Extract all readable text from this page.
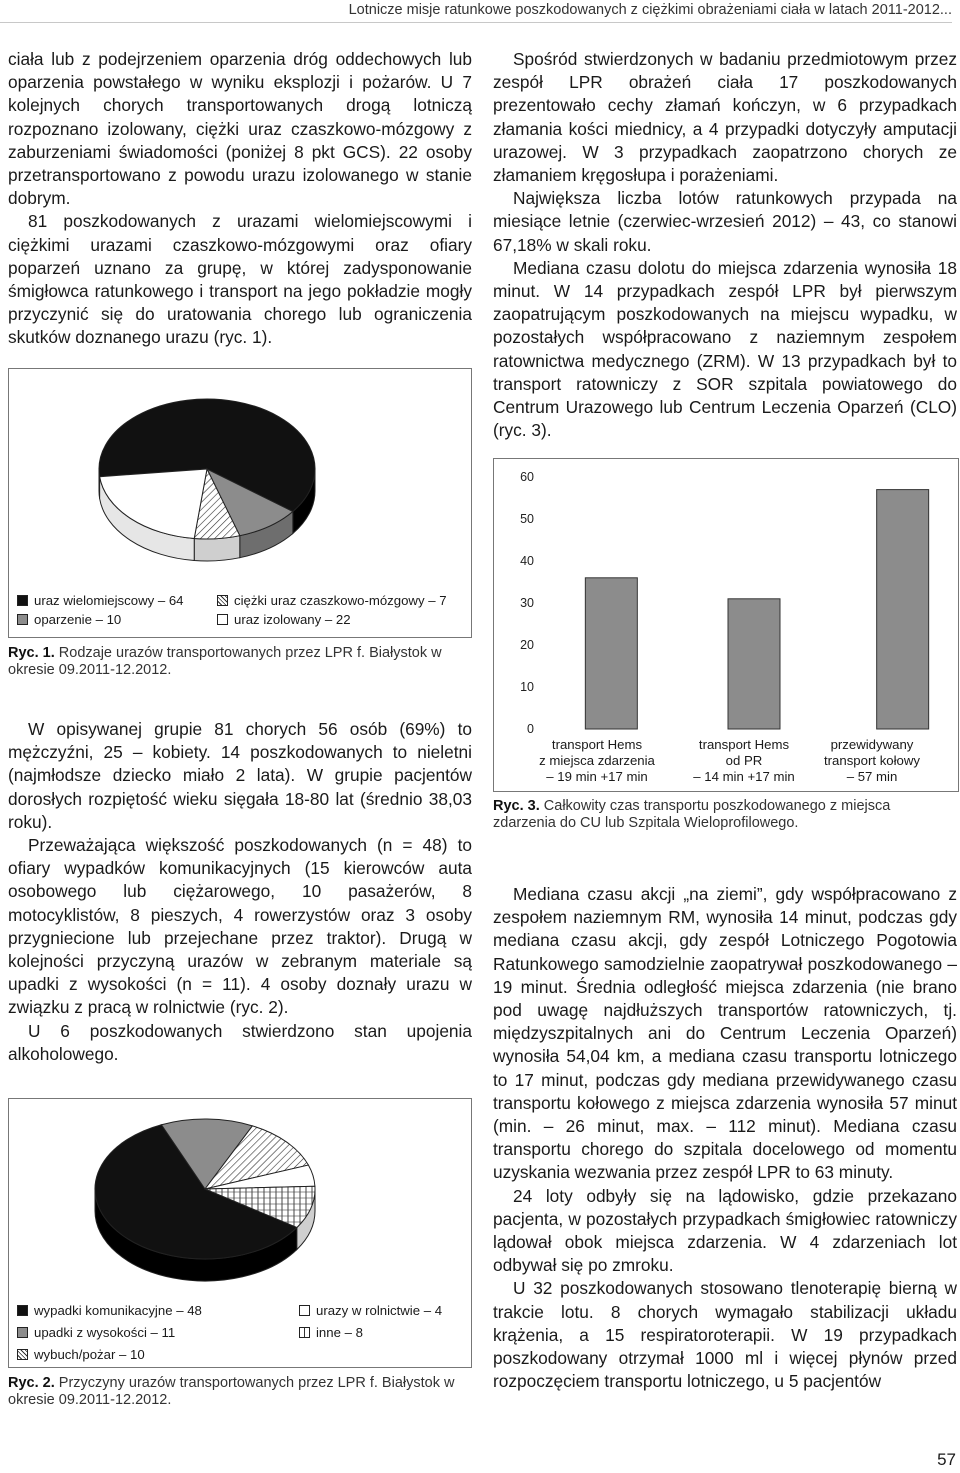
Lotnicze misje ratunkowe poszkodowanych z ciężkimi obrażeniami ciała w latach 2011-2012...

ciała lub z podejrzeniem oparzenia dróg oddechowych lub oparzenia powstałego w wyniku eksplozji i pożarów. U 7 kolejnych chorych transportowanych drogą lotniczą rozpoznano izolowany, ciężki uraz czaszkowo-mózgowy z zaburzeniami świadomości (poniżej 8 pkt GCS). 22 osoby przetransportowano z powodu urazu izolowanego w stanie dobrym.

81 poszkodowanych z urazami wielomiejscowymi i ciężkimi urazami czaszkowo-mózgowymi oraz ofiary poparzeń uznano za grupę, w której zadysponowanie śmigłowca ratunkowego i transport na jego pokładzie mogły przyczynić się do uratowania chorego lub ograniczenia skutków doznanego urazu (ryc. 1).

Spośród stwierdzonych w badaniu przedmiotowym przez zespół LPR obrażeń ciała 17 poszkodowanych prezentowało cechy złamań kończyn, w 6 przypadkach złamania kości miednicy, a 4 przypadki dotyczyły amputacji urazowej. W 3 przypadkach zaopatrzono chorych ze złamaniem kręgosłupa i porażeniami.

Największa liczba lotów ratunkowych przypada na miesiące letnie (czerwiec-wrzesień 2012) – 43, co stanowi 67,18% w skali roku.

Mediana czasu dolotu do miejsca zdarzenia wynosiła 18 minut. W 14 przypadkach zespół LPR był pierwszym zaopatrującym poszkodowanych na miejscu wypadku, w pozostałych współpracowano z naziemnym zespołem ratownictwa medycznego (ZRM). W 13 przypadkach był to transport ratowniczy z SOR szpitala powiatowego do Centrum Urazowego lub Centrum Leczenia Oparzeń (CLO) (ryc. 3).

uraz wielomiejscowy – 64
oparzenie – 10
ciężki uraz czaszkowo-mózgowy – 7
uraz izolowany – 22
Ryc. 1. Rodzaje urazów transportowanych przez LPR f. Białystok w okresie 09.2011-12.2012.

W opisywanej grupie 81 chorych 56 osób (69%) to mężczyźni, 25 – kobiety. 14 poszkodowanych to nieletni (najmłodsze dziecko miało 2 lata). W grupie pacjentów dorosłych rozpiętość wieku sięgała 18-80 lat (średnio 38,03 roku).

Przeważająca większość poszkodowanych (n = 48) to ofiary wypadków komunikacyjnych (15 kierowców auta osobowego lub ciężarowego, 10 pasażerów, 8 motocyklistów, 8 pieszych, 4 rowerzystów oraz 3 osoby przygniecione lub przejechane przez traktor). Drugą w kolejności przyczyną urazów w zebranym materiale są upadki z wysokości (n = 11). 4 osoby doznały urazu w związku z pracą w rolnictwie (ryc. 2).

U 6 poszkodowanych stwierdzono stan upojenia alkoholowego.

wypadki komunikacyjne – 48
upadki z wysokości – 11
wybuch/pożar – 10
urazy w rolnictwie – 4
inne – 8
Ryc. 2. Przyczyny urazów transportowanych przez LPR f. Białystok w okresie 09.2011-12.2012.
0
10
20
30
40
50
60
transport Hems
z miejsca zdarzenia
– 19 min +17 min
transport Hems
od PR
– 14 min +17 min
przewidywany
transport kołowy
– 57 min
Ryc. 3. Całkowity czas transportu poszkodowanego z miejsca zdarzenia do CU lub Szpitala Wieloprofilowego.

Mediana czasu akcji „na ziemi”, gdy współpracowano z zespołem naziemnym RM, wynosiła 14 minut, podczas gdy mediana czasu akcji, gdy zespół Lotniczego Pogotowia Ratunkowego samodzielnie zaopatrywał poszkodowanego – 19 minut. Średnia odległość miejsca zdarzenia (nie brano pod uwagę najdłuższych transportów ratowniczych, tj. międzyszpitalnych ani do Centrum Leczenia Oparzeń) wynosiła 54,04 km, a mediana czasu transportu lotniczego to 17 minut, podczas gdy mediana przewidywanego czasu transportu kołowego z miejsca zdarzenia wynosiła 57 minut (min. – 26 minut, max. – 112 minut). Mediana czasu transportu chorego do szpitala docelowego od momentu uzyskania wezwania przez zespół LPR to 63 minuty.

24 loty odbyły się na lądowisko, gdzie przekazano pacjenta, w pozostałych przypadkach śmigłowiec ratowniczy lądował obok miejsca zdarzenia. W 4 zdarzeniach lot odbywał się po zmroku.

U 32 poszkodowanych stosowano tlenoterapię bierną w trakcie lotu. 8 chorych wymagało stabilizacji układu krążenia, a 15 respiratoroterapii. W 19 przypadkach poszkodowany otrzymał 1000 ml i więcej płynów przed rozpoczęciem transportu lotniczego, u 5 pacjentów

57
